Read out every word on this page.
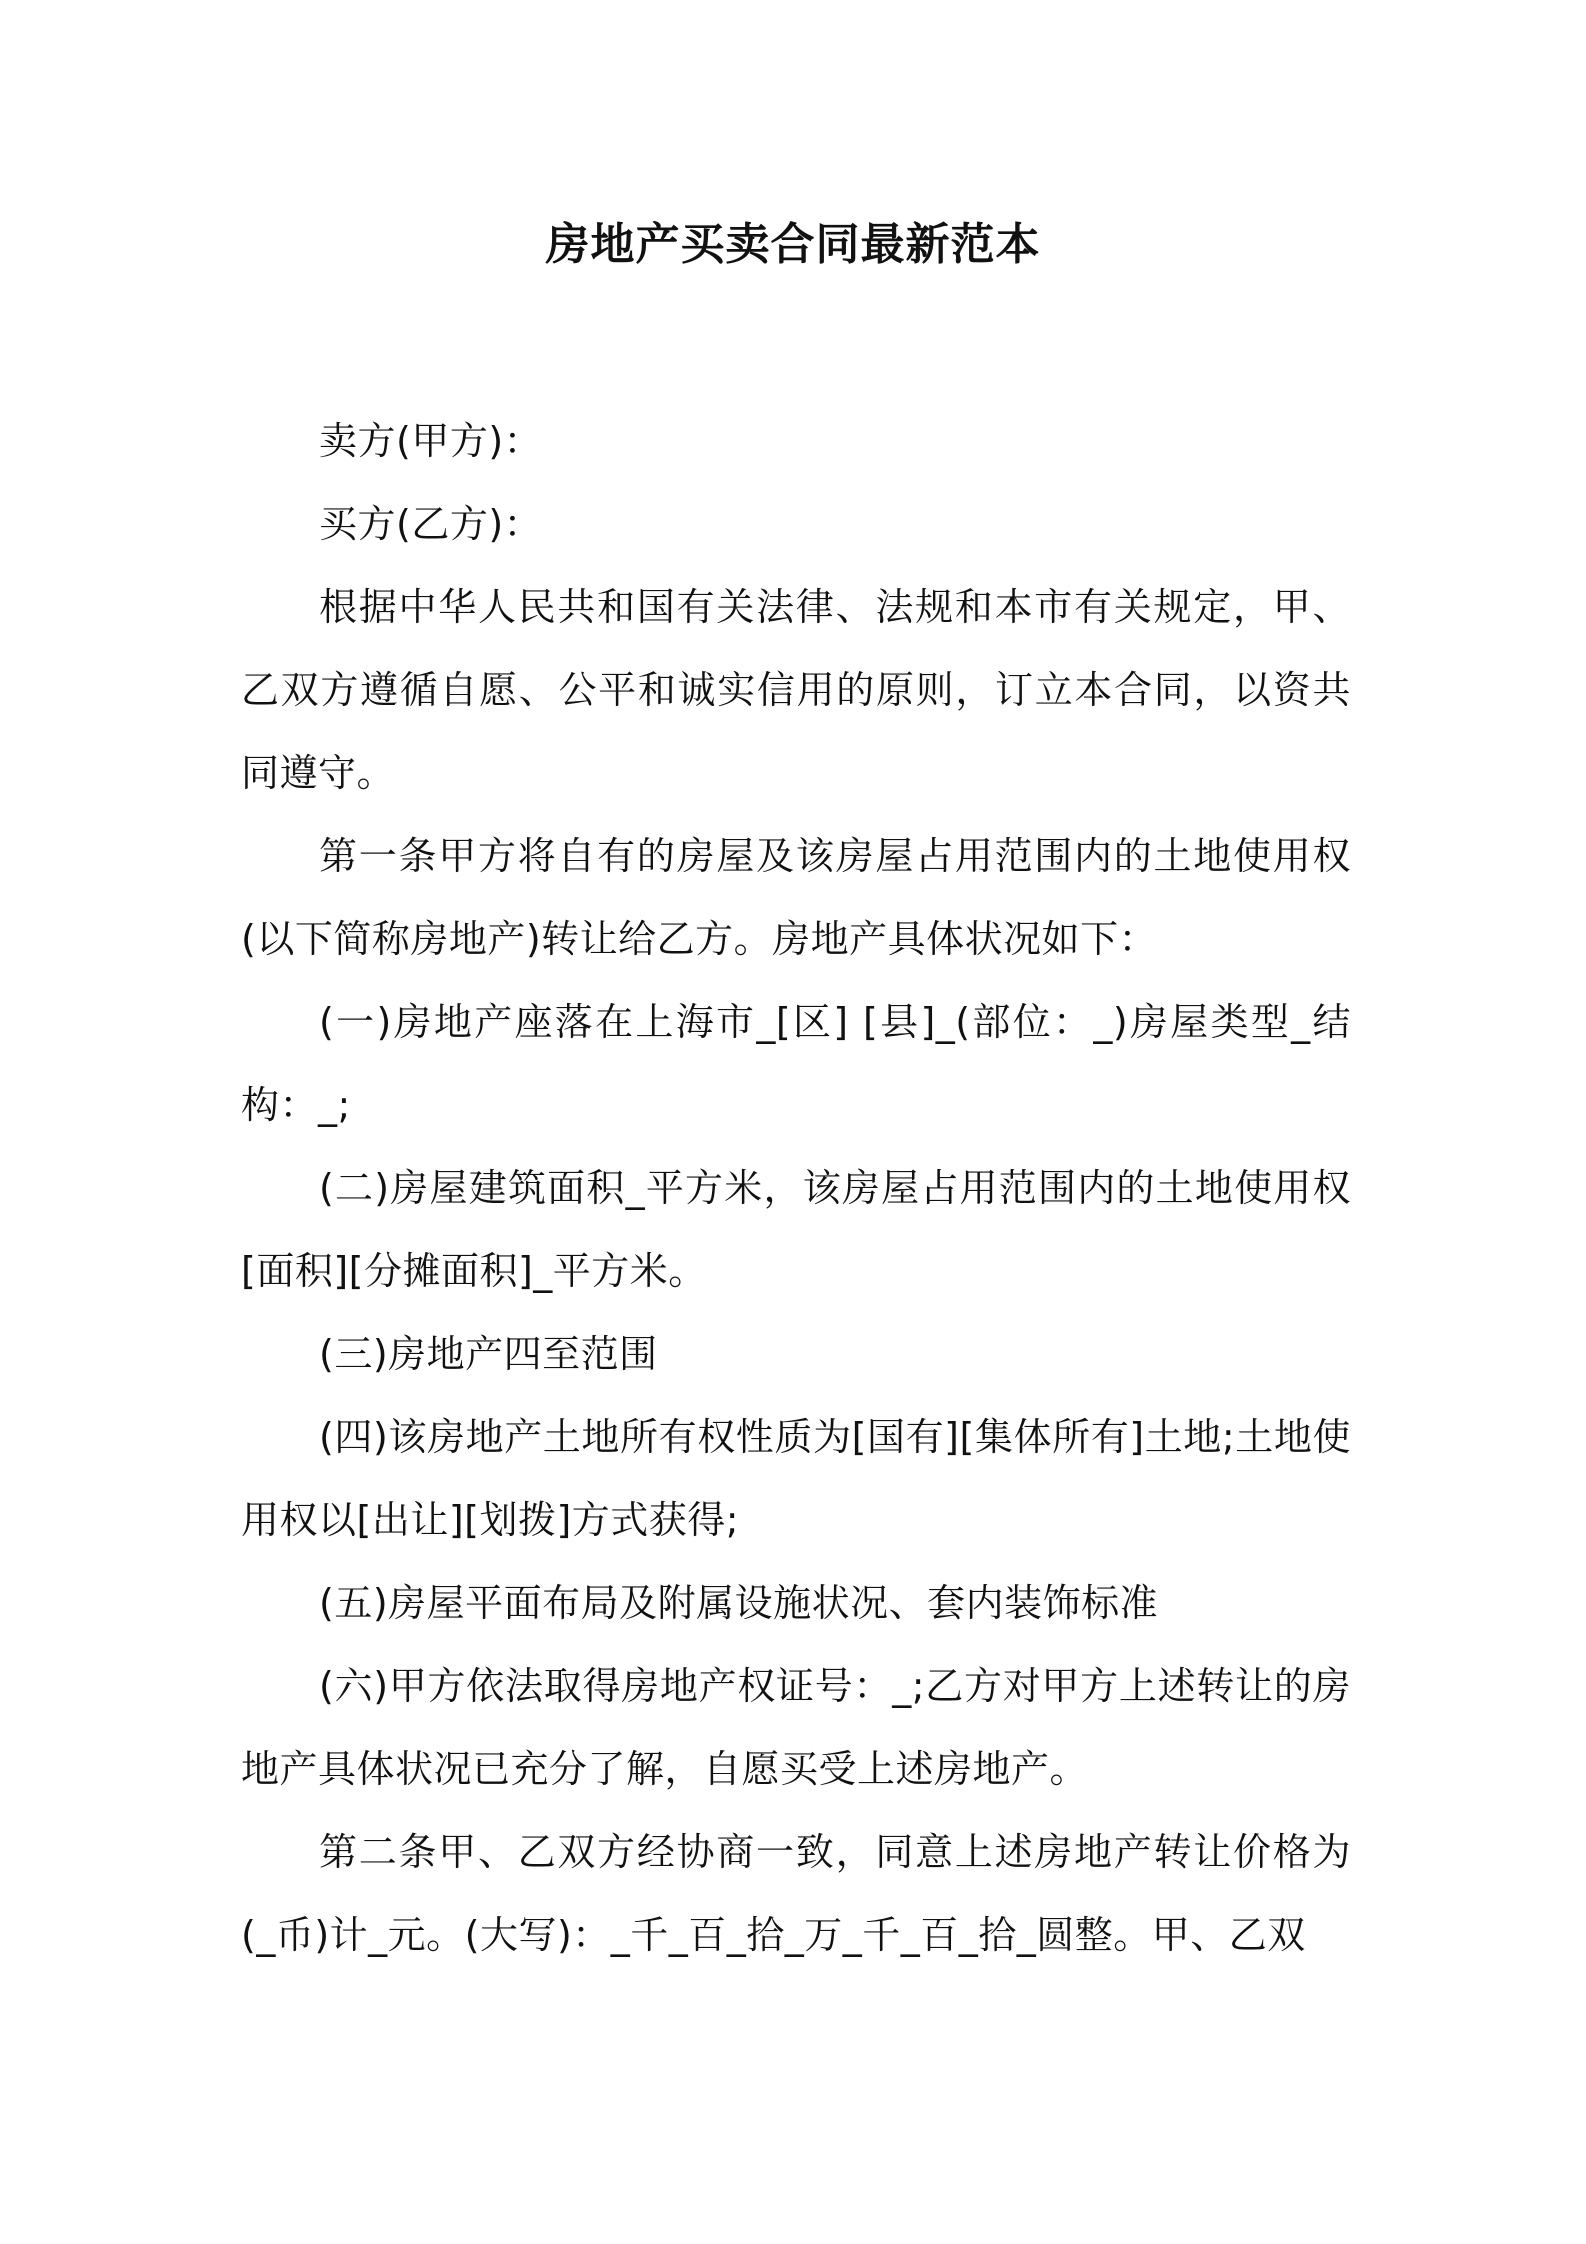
房地产买卖合同最新范本

卖方(甲方)：

买方(乙方)：

根据中华人民共和国有关法律、法规和本市有关规定，甲、乙双方遵循自愿、公平和诚实信用的原则，订立本合同，以资共同遵守。

第一条甲方将自有的房屋及该房屋占用范围内的土地使用权(以下简称房地产)转让给乙方。房地产具体状况如下：

(一)房地产座落在上海市_[区] [县]_(部位：_)房屋类型_结构：_;

(二)房屋建筑面积_平方米，该房屋占用范围内的土地使用权[面积][分摊面积]_平方米。

(三)房地产四至范围

(四)该房地产土地所有权性质为[国有][集体所有]土地;土地使用权以[出让][划拨]方式获得;

(五)房屋平面布局及附属设施状况、套内装饰标准

(六)甲方依法取得房地产权证号：_;乙方对甲方上述转让的房地产具体状况已充分了解，自愿买受上述房地产。

第二条甲、乙双方经协商一致，同意上述房地产转让价格为(_币)计_元。(大写)：_千_百_拾_万_千_百_拾_圆整。甲、乙双
